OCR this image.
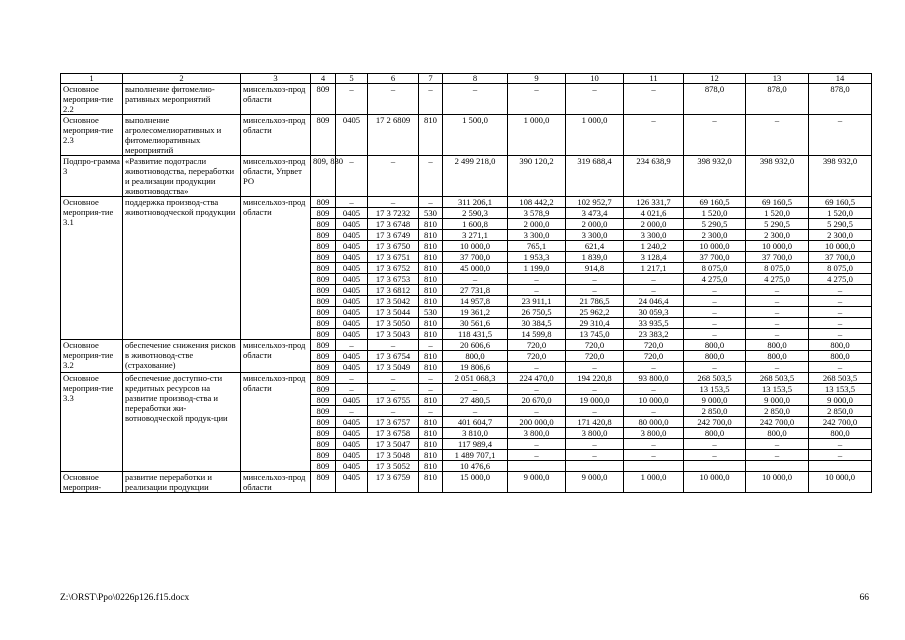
1	2	3	4	5	6	7	8	9	10	11	12	13	14
Основное мероприя-тие 2.2	выполнение фитомелио-ративных мероприятий	минсельхоз-прод области	809	–	–	–	–	–	–	–	878,0	878,0	878,0
Основное мероприя-тие 2.3	выполнение агролесомелиоративных и фитомелиоративных мероприятий	минсельхоз-прод области	809	0405	17 2 6809	810	1 500,0	1 000,0	1 000,0	–	–	–	–
Подпро-грамма 3	«Развитие подотрасли животноводства, переработки и реализации продукции животноводства»	минсельхоз-прод области, Упрвет РО	809, 830	–	–	–	2 499 218,0	390 120,2	319 688,4	234 638,9	398 932,0	398 932,0	398 932,0
Основное мероприя-тие 3.1	поддержка производ-ства животноводческой продукции	минсельхоз-прод области	809	–	–	–	311 206,1	108 442,2	102 952,7	126 331,7	69 160,5	69 160,5	69 160,5
			809	0405	17 3 7232	530	2 590,3	3 578,9	3 473,4	4 021,6	1 520,0	1 520,0	1 520,0
			809	0405	17 3 6748	810	1 600,8	2 000,0	2 000,0	2 000,0	5 290,5	5 290,5	5 290,5
			809	0405	17 3 6749	810	3 271,1	3 300,0	3 300,0	3 300,0	2 300,0	2 300,0	2 300,0
			809	0405	17 3 6750	810	10 000,0	765,1	621,4	1 240,2	10 000,0	10 000,0	10 000,0
			809	0405	17 3 6751	810	37 700,0	1 953,3	1 839,0	3 128,4	37 700,0	37 700,0	37 700,0
			809	0405	17 3 6752	810	45 000,0	1 199,0	914,8	1 217,1	8 075,0	8 075,0	8 075,0
			809	0405	17 3 6753	810	–	–	–	–	4 275,0	4 275,0	4 275,0
			809	0405	17 3 6812	810	27 731,8	–	–	–	–	–	–
			809	0405	17 3 5042	810	14 957,8	23 911,1	21 786,5	24 046,4	–	–	–
			809	0405	17 3 5044	530	19 361,2	26 750,5	25 962,2	30 059,3	–	–	–
			809	0405	17 3 5050	810	30 561,6	30 384,5	29 310,4	33 935,5	–	–	–
			809	0405	17 3 5043	810	118 431,5	14 599,8	13 745,0	23 383,2	–	–	–
Основное мероприя-тие 3.2	обеспечение снижения рисков в животновод-стве (страхование)	минсельхоз-прод области	809	–	–	–	20 606,6	720,0	720,0	720,0	800,0	800,0	800,0
			809	0405	17 3 6754	810	800,0	720,0	720,0	720,0	800,0	800,0	800,0
			809	0405	17 3 5049	810	19 806,6	–	–	–	–	–	–
Основное мероприя-тие 3.3	обеспечение доступно-сти кредитных ресурсов на развитие производ-ства и переработки жи-вотноводческой продук-ции	минсельхоз-прод области	809	–	–	–	2 051 068,3	224 470,0	194 220,8	93 800,0	268 503,5	268 503,5	268 503,5
			809	–	–	–	–	–	–	–	13 153,5	13 153,5	13 153,5
			809	0405	17 3 6755	810	27 480,5	20 670,0	19 000,0	10 000,0	9 000,0	9 000,0	9 000,0
			809	–	–	–	–	–	–	–	2 850,0	2 850,0	2 850,0
			809	0405	17 3 6757	810	401 604,7	200 000,0	171 420,8	80 000,0	242 700,0	242 700,0	242 700,0
			809	0405	17 3 6758	810	3 810,0	3 800,0	3 800,0	3 800,0	800,0	800,0	800,0
			809	0405	17 3 5047	810	117 989,4	–	–	–	–	–	–
			809	0405	17 3 5048	810	1 489 707,1	–	–	–	–	–	–
			809	0405	17 3 5052	810	10 476,6						
Основное мероприя-	развитие переработки и реализации продукции	минсельхоз-прод области	809	0405	17 3 6759	810	15 000,0	9 000,0	9 000,0	1 000,0	10 000,0	10 000,0	10 000,0
Z:\ORST\Ppo\0226p126.f15.docx	66
